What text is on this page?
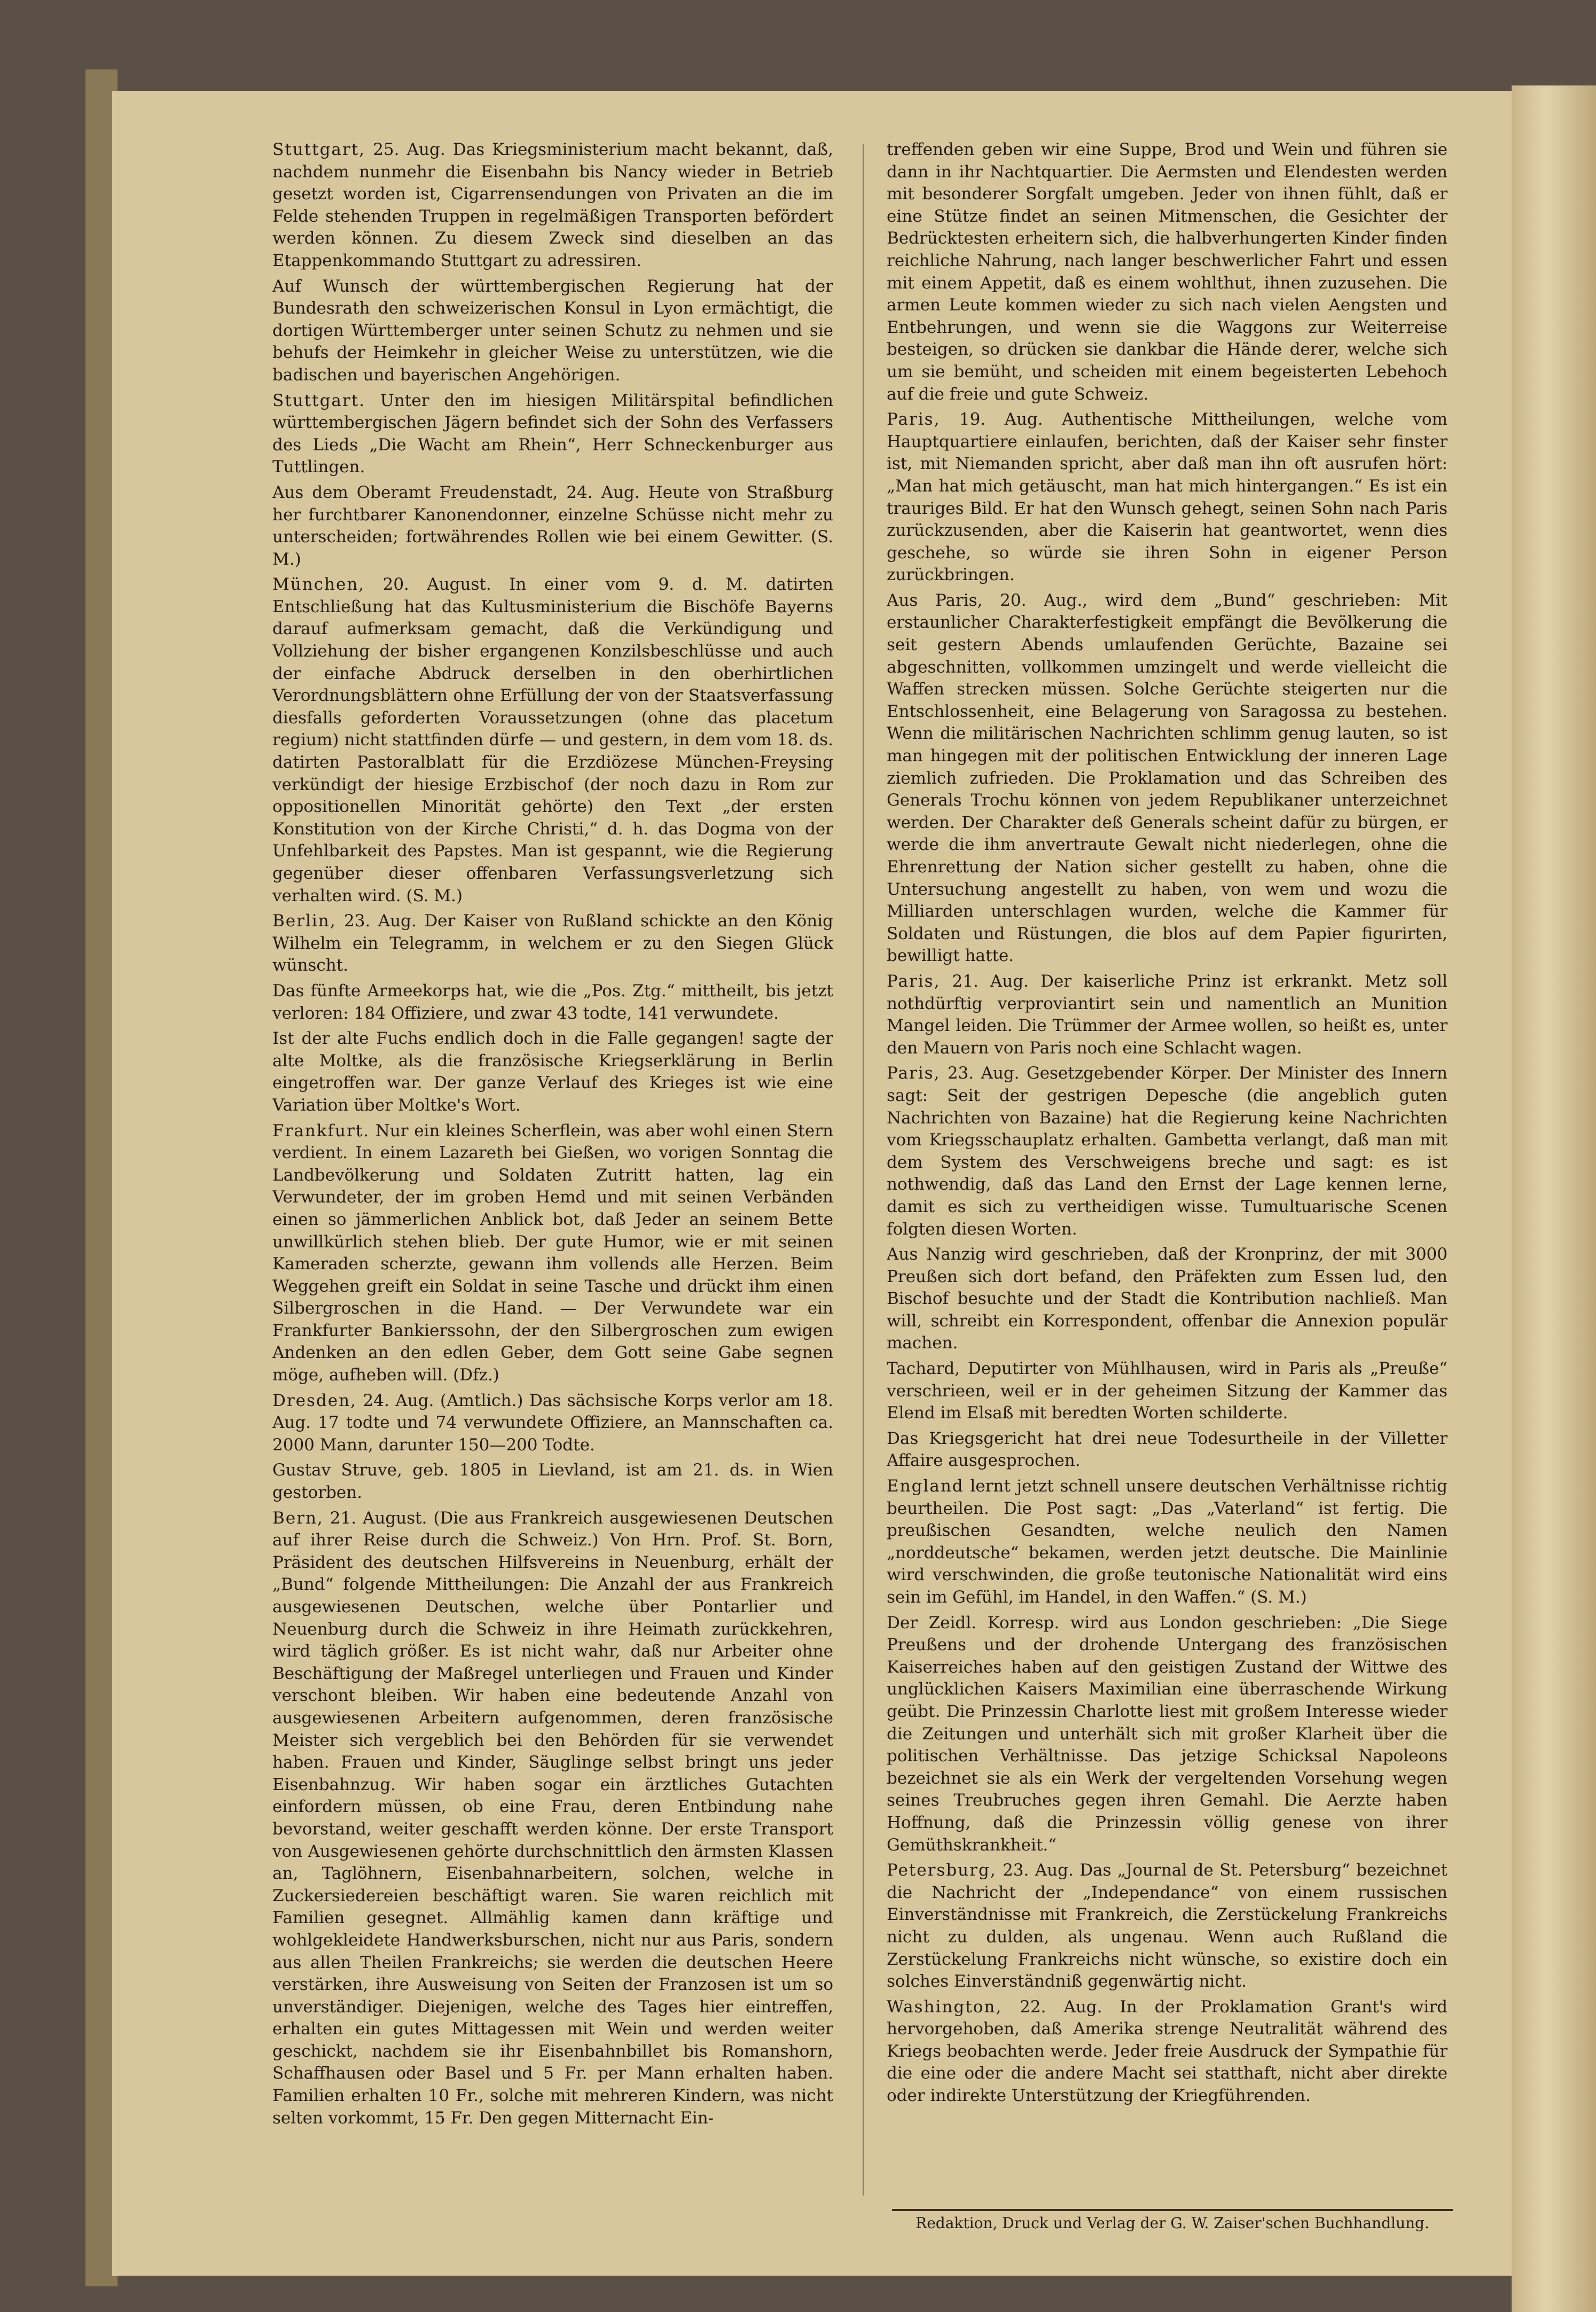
Stuttgart, 25. Aug. Das Kriegsministerium macht bekannt, daß, nachdem nunmehr die Eisenbahn bis Nancy wieder in Betrieb gesetzt worden ist, Cigarrensendungen von Privaten an die im Felde stehenden Truppen in regelmäßigen Transporten befördert werden können. Zu diesem Zweck sind dieselben an das Etappenkommando Stuttgart zu adressiren.

Auf Wunsch der württembergischen Regierung hat der Bundesrath den schweizerischen Konsul in Lyon ermächtigt, die dortigen Württemberger unter seinen Schutz zu nehmen und sie behufs der Heimkehr in gleicher Weise zu unterstützen, wie die badischen und bayerischen Angehörigen.

Stuttgart. Unter den im hiesigen Militärspital befindlichen württembergischen Jägern befindet sich der Sohn des Verfassers des Lieds „Die Wacht am Rhein“, Herr Schneckenburger aus Tuttlingen.

Aus dem Oberamt Freudenstadt, 24. Aug. Heute von Straßburg her furchtbarer Kanonendonner, einzelne Schüsse nicht mehr zu unterscheiden; fortwährendes Rollen wie bei einem Gewitter. (S. M.)

München, 20. August. In einer vom 9. d. M. datirten Entschließung hat das Kultusministerium die Bischöfe Bayerns darauf aufmerksam gemacht, daß die Verkündigung und Vollziehung der bisher ergangenen Konzilsbeschlüsse und auch der einfache Abdruck derselben in den oberhirtlichen Verordnungsblättern ohne Erfüllung der von der Staatsverfassung diesfalls geforderten Voraussetzungen (ohne das placetum regium) nicht stattfinden dürfe — und gestern, in dem vom 18. ds. datirten Pastoralblatt für die Erzdiözese München-Freysing verkündigt der hiesige Erzbischof (der noch dazu in Rom zur oppositionellen Minorität gehörte) den Text „der ersten Konstitution von der Kirche Christi,“ d. h. das Dogma von der Unfehlbarkeit des Papstes. Man ist gespannt, wie die Regierung gegenüber dieser offenbaren Verfassungsverletzung sich verhalten wird. (S. M.)

Berlin, 23. Aug. Der Kaiser von Rußland schickte an den König Wilhelm ein Telegramm, in welchem er zu den Siegen Glück wünscht.

Das fünfte Armeekorps hat, wie die „Pos. Ztg.“ mittheilt, bis jetzt verloren: 184 Offiziere, und zwar 43 todte, 141 verwundete.

Ist der alte Fuchs endlich doch in die Falle gegangen! sagte der alte Moltke, als die französische Kriegserklärung in Berlin eingetroffen war. Der ganze Verlauf des Krieges ist wie eine Variation über Moltke's Wort.

Frankfurt. Nur ein kleines Scherflein, was aber wohl einen Stern verdient. In einem Lazareth bei Gießen, wo vorigen Sonntag die Landbevölkerung und Soldaten Zutritt hatten, lag ein Verwundeter, der im groben Hemd und mit seinen Verbänden einen so jämmerlichen Anblick bot, daß Jeder an seinem Bette unwillkürlich stehen blieb. Der gute Humor, wie er mit seinen Kameraden scherzte, gewann ihm vollends alle Herzen. Beim Weggehen greift ein Soldat in seine Tasche und drückt ihm einen Silbergroschen in die Hand. — Der Verwundete war ein Frankfurter Bankierssohn, der den Silbergroschen zum ewigen Andenken an den edlen Geber, dem Gott seine Gabe segnen möge, aufheben will. (Dfz.)

Dresden, 24. Aug. (Amtlich.) Das sächsische Korps verlor am 18. Aug. 17 todte und 74 verwundete Offiziere, an Mannschaften ca. 2000 Mann, darunter 150—200 Todte.

Gustav Struve, geb. 1805 in Lievland, ist am 21. ds. in Wien gestorben.

Bern, 21. August. (Die aus Frankreich ausgewiesenen Deutschen auf ihrer Reise durch die Schweiz.) Von Hrn. Prof. St. Born, Präsident des deutschen Hilfsvereins in Neuenburg, erhält der „Bund“ folgende Mittheilungen: Die Anzahl der aus Frankreich ausgewiesenen Deutschen, welche über Pontarlier und Neuenburg durch die Schweiz in ihre Heimath zurückkehren, wird täglich größer. Es ist nicht wahr, daß nur Arbeiter ohne Beschäftigung der Maßregel unterliegen und Frauen und Kinder verschont bleiben. Wir haben eine bedeutende Anzahl von ausgewiesenen Arbeitern aufgenommen, deren französische Meister sich vergeblich bei den Behörden für sie verwendet haben. Frauen und Kinder, Säuglinge selbst bringt uns jeder Eisenbahnzug. Wir haben sogar ein ärztliches Gutachten einfordern müssen, ob eine Frau, deren Entbindung nahe bevorstand, weiter geschafft werden könne. Der erste Transport von Ausgewiesenen gehörte durchschnittlich den ärmsten Klassen an, Taglöhnern, Eisenbahnarbeitern, solchen, welche in Zuckersiedereien beschäftigt waren. Sie waren reichlich mit Familien gesegnet. Allmählig kamen dann kräftige und wohlgekleidete Handwerksburschen, nicht nur aus Paris, sondern aus allen Theilen Frankreichs; sie werden die deutschen Heere verstärken, ihre Ausweisung von Seiten der Franzosen ist um so unverständiger. Diejenigen, welche des Tages hier eintreffen, erhalten ein gutes Mittagessen mit Wein und werden weiter geschickt, nachdem sie ihr Eisenbahnbillet bis Romanshorn, Schaffhausen oder Basel und 5 Fr. per Mann erhalten haben. Familien erhalten 10 Fr., solche mit mehreren Kindern, was nicht selten vorkommt, 15 Fr. Den gegen Mitternacht Ein-

treffenden geben wir eine Suppe, Brod und Wein und führen sie dann in ihr Nachtquartier. Die Aermsten und Elendesten werden mit besonderer Sorgfalt umgeben. Jeder von ihnen fühlt, daß er eine Stütze findet an seinen Mitmenschen, die Gesichter der Bedrücktesten erheitern sich, die halbverhungerten Kinder finden reichliche Nahrung, nach langer beschwerlicher Fahrt und essen mit einem Appetit, daß es einem wohlthut, ihnen zuzusehen. Die armen Leute kommen wieder zu sich nach vielen Aengsten und Entbehrungen, und wenn sie die Waggons zur Weiterreise besteigen, so drücken sie dankbar die Hände derer, welche sich um sie bemüht, und scheiden mit einem begeisterten Lebehoch auf die freie und gute Schweiz.

Paris, 19. Aug. Authentische Mittheilungen, welche vom Hauptquartiere einlaufen, berichten, daß der Kaiser sehr finster ist, mit Niemanden spricht, aber daß man ihn oft ausrufen hört: „Man hat mich getäuscht, man hat mich hintergangen.“ Es ist ein trauriges Bild. Er hat den Wunsch gehegt, seinen Sohn nach Paris zurückzusenden, aber die Kaiserin hat geantwortet, wenn dies geschehe, so würde sie ihren Sohn in eigener Person zurückbringen.

Aus Paris, 20. Aug., wird dem „Bund“ geschrieben: Mit erstaunlicher Charakterfestigkeit empfängt die Bevölkerung die seit gestern Abends umlaufenden Gerüchte, Bazaine sei abgeschnitten, vollkommen umzingelt und werde vielleicht die Waffen strecken müssen. Solche Gerüchte steigerten nur die Entschlossenheit, eine Belagerung von Saragossa zu bestehen. Wenn die militärischen Nachrichten schlimm genug lauten, so ist man hingegen mit der politischen Entwicklung der inneren Lage ziemlich zufrieden. Die Proklamation und das Schreiben des Generals Trochu können von jedem Republikaner unterzeichnet werden. Der Charakter deß Generals scheint dafür zu bürgen, er werde die ihm anvertraute Gewalt nicht niederlegen, ohne die Ehrenrettung der Nation sicher gestellt zu haben, ohne die Untersuchung angestellt zu haben, von wem und wozu die Milliarden unterschlagen wurden, welche die Kammer für Soldaten und Rüstungen, die blos auf dem Papier figurirten, bewilligt hatte.

Paris, 21. Aug. Der kaiserliche Prinz ist erkrankt. Metz soll nothdürftig verproviantirt sein und namentlich an Munition Mangel leiden. Die Trümmer der Armee wollen, so heißt es, unter den Mauern von Paris noch eine Schlacht wagen.

Paris, 23. Aug. Gesetzgebender Körper. Der Minister des Innern sagt: Seit der gestrigen Depesche (die angeblich guten Nachrichten von Bazaine) hat die Regierung keine Nachrichten vom Kriegsschauplatz erhalten. Gambetta verlangt, daß man mit dem System des Verschweigens breche und sagt: es ist nothwendig, daß das Land den Ernst der Lage kennen lerne, damit es sich zu vertheidigen wisse. Tumultuarische Scenen folgten diesen Worten.

Aus Nanzig wird geschrieben, daß der Kronprinz, der mit 3000 Preußen sich dort befand, den Präfekten zum Essen lud, den Bischof besuchte und der Stadt die Kontribution nachließ. Man will, schreibt ein Korrespondent, offenbar die Annexion populär machen.

Tachard, Deputirter von Mühlhausen, wird in Paris als „Preuße“ verschrieen, weil er in der geheimen Sitzung der Kammer das Elend im Elsaß mit beredten Worten schilderte.

Das Kriegsgericht hat drei neue Todesurtheile in der Villetter Affaire ausgesprochen.

England lernt jetzt schnell unsere deutschen Verhältnisse richtig beurtheilen. Die Post sagt: „Das „Vaterland“ ist fertig. Die preußischen Gesandten, welche neulich den Namen „norddeutsche“ bekamen, werden jetzt deutsche. Die Mainlinie wird verschwinden, die große teutonische Nationalität wird eins sein im Gefühl, im Handel, in den Waffen.“ (S. M.)

Der Zeidl. Korresp. wird aus London geschrieben: „Die Siege Preußens und der drohende Untergang des französischen Kaiserreiches haben auf den geistigen Zustand der Wittwe des unglücklichen Kaisers Maximilian eine überraschende Wirkung geübt. Die Prinzessin Charlotte liest mit großem Interesse wieder die Zeitungen und unterhält sich mit großer Klarheit über die politischen Verhältnisse. Das jetzige Schicksal Napoleons bezeichnet sie als ein Werk der vergeltenden Vorsehung wegen seines Treubruches gegen ihren Gemahl. Die Aerzte haben Hoffnung, daß die Prinzessin völlig genese von ihrer Gemüthskrankheit.“

Petersburg, 23. Aug. Das „Journal de St. Petersburg“ bezeichnet die Nachricht der „Independance“ von einem russischen Einverständnisse mit Frankreich, die Zerstückelung Frankreichs nicht zu dulden, als ungenau. Wenn auch Rußland die Zerstückelung Frankreichs nicht wünsche, so existire doch ein solches Einverständniß gegenwärtig nicht.

Washington, 22. Aug. In der Proklamation Grant's wird hervorgehoben, daß Amerika strenge Neutralität während des Kriegs beobachten werde. Jeder freie Ausdruck der Sympathie für die eine oder die andere Macht sei statthaft, nicht aber direkte oder indirekte Unterstützung der Kriegführenden.

Redaktion, Druck und Verlag der G. W. Zaiser'schen Buchhandlung.
